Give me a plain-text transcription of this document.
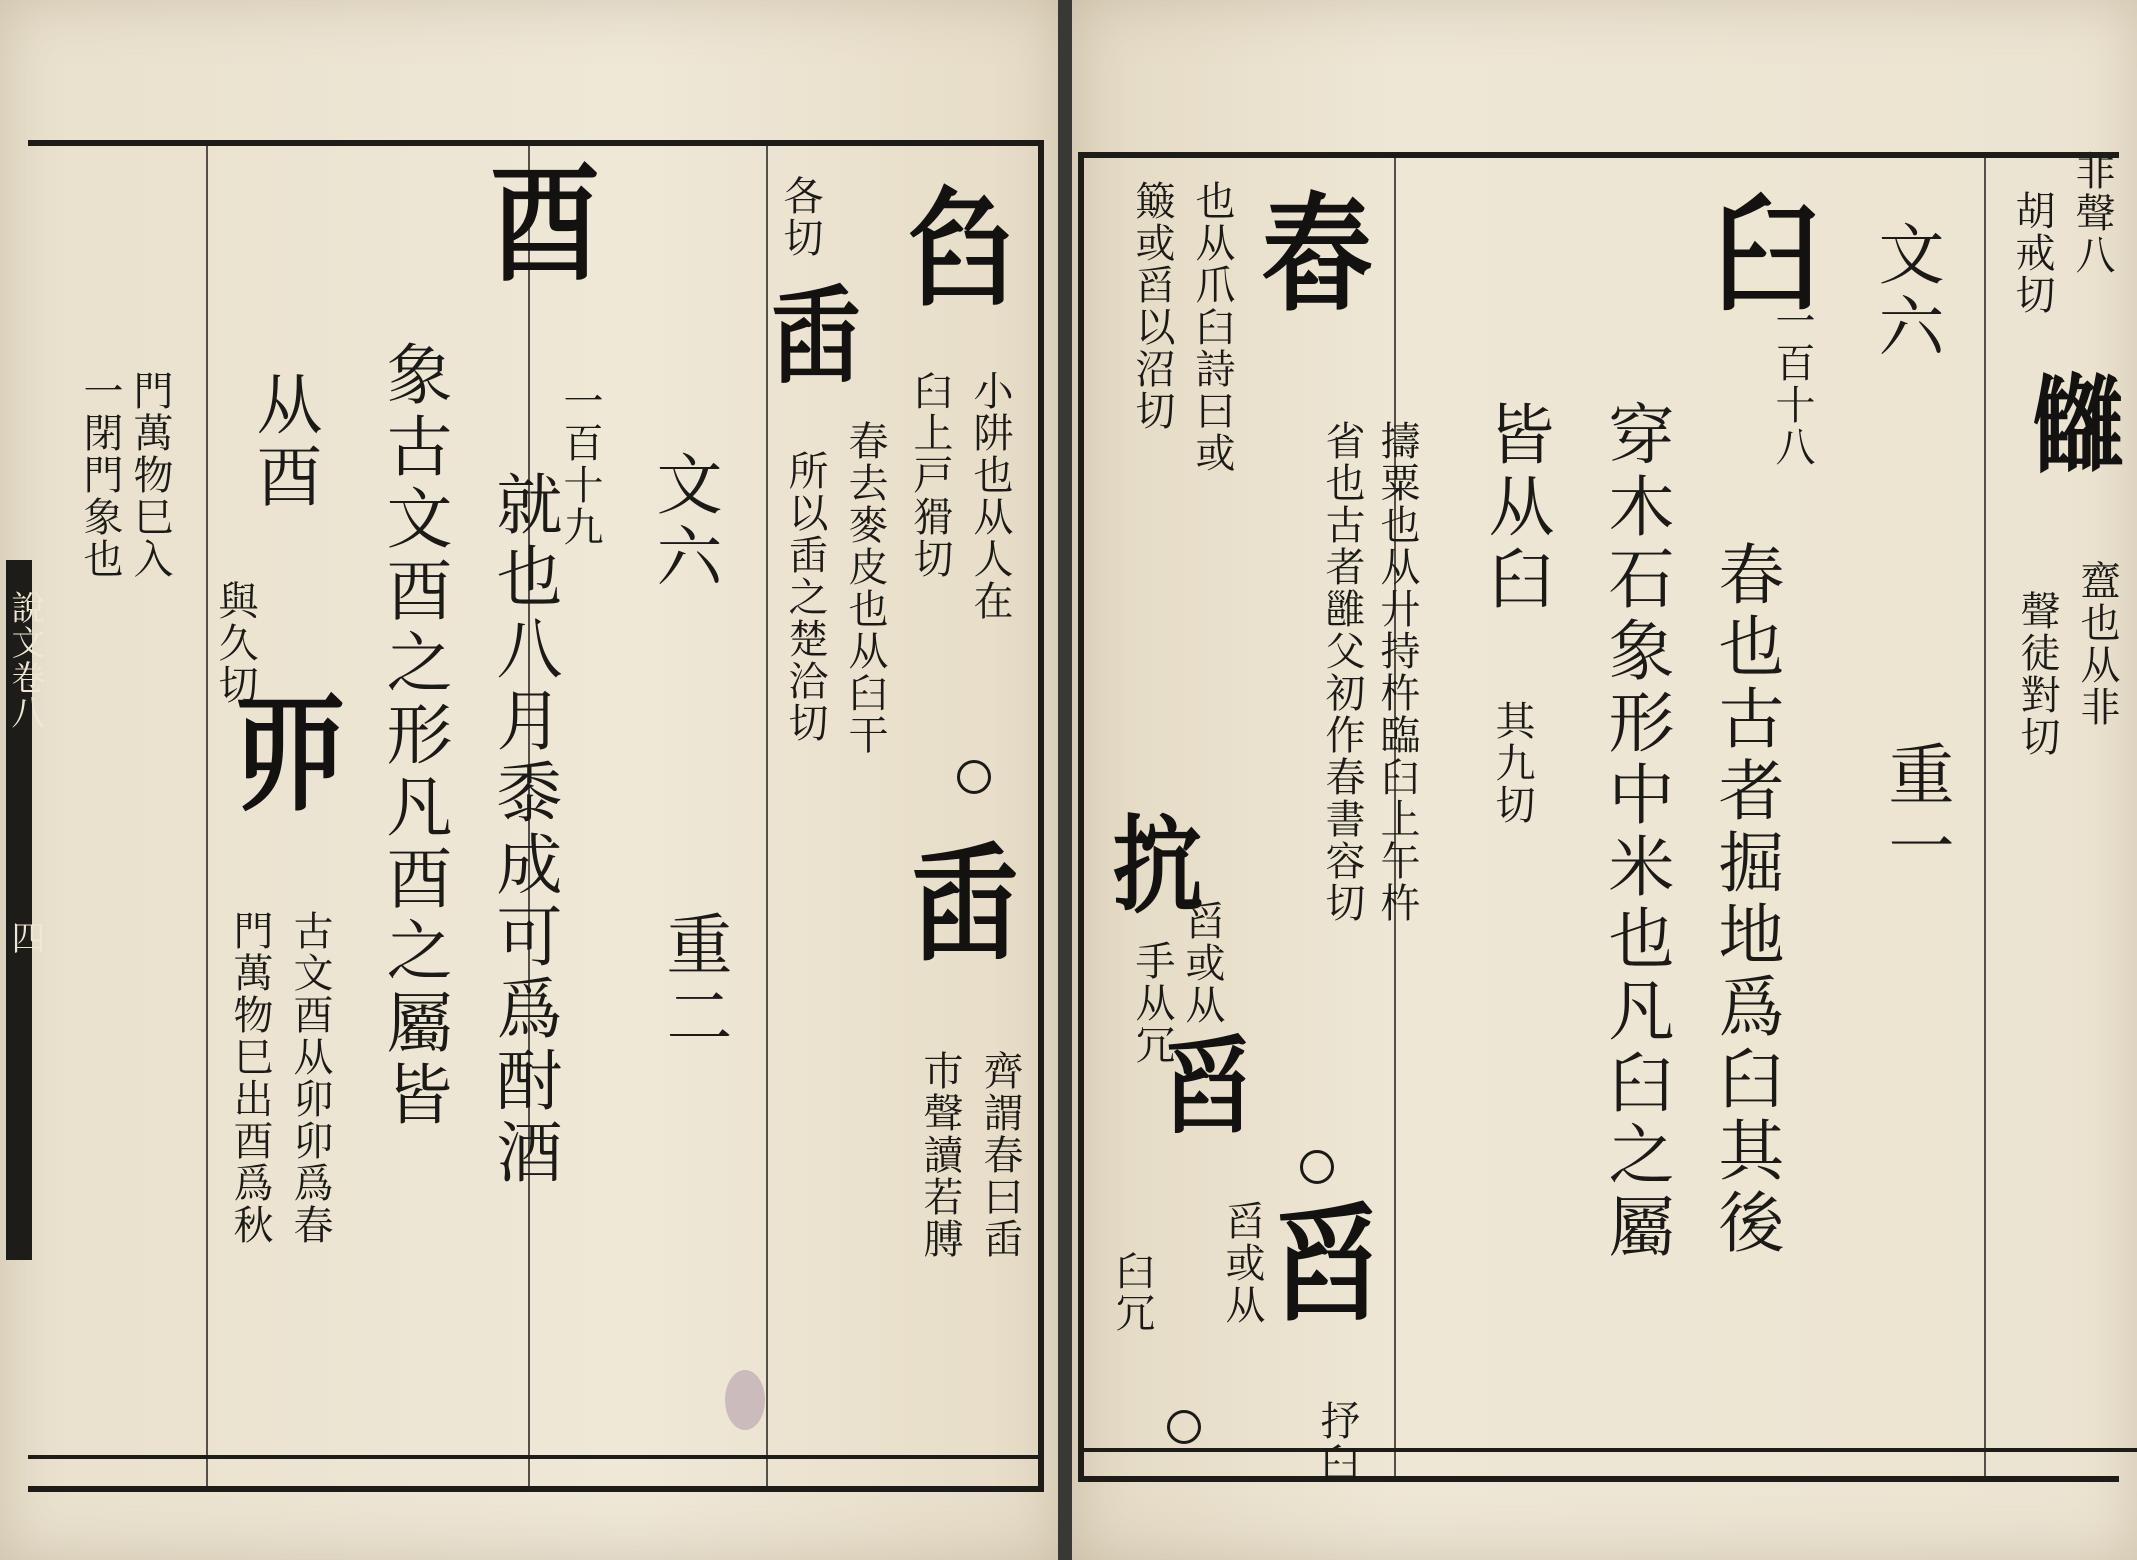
說文卷八
四
臽
各切
臿
小阱也从人在
臼上戸猾切
春去麥皮也从臼干
所以臿之楚洽切
臿
齊謂春曰臿
巿聲讀若膊
文六
重二
酉
一百十九
就也八月黍成可爲酎酒
象古文酉之形凡酉之屬皆
从酉
與久切
丣
古文酉从卯卯爲春
門萬物巳出酉爲秋
門萬物巳入
一閉門象也
胡戒切 非聲八
𩁗
齍也从非
聲徒對切
文六
重一
臼
一百十八
春也古者掘地爲臼其後
穿木石象形中米也凡臼之屬
皆从臼
其九切
舂
擣粟也从廾持杵臨臼上午杵
省也古者雝父初作春書容切
舀
抒臼
也从爪臼詩曰或
簸或舀以沼切
抭
舀或从
手从冗
舀
舀或从
臼冗
